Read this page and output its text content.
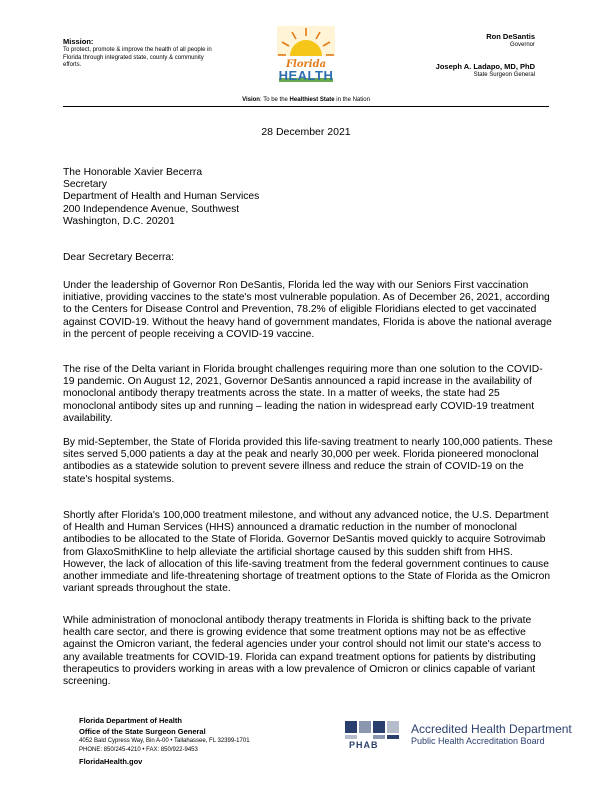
Mission:
To protect, promote & improve the health of all people in Florida through integrated state, county & community efforts.	Florida
HEALTH
Ron DeSantis
Governor
Joseph A. Ladapo, MD, PhD
State Surgeon General
Vision: To be the Healthiest State in the Nation
28 December 2021
The Honorable Xavier Becerra
Secretary
Department of Health and Human Services
200 Independence Avenue, Southwest
Washington, D.C. 20201
Dear Secretary Becerra:

Under the leadership of Governor Ron DeSantis, Florida led the way with our Seniors First vaccination initiative, providing vaccines to the state's most vulnerable population. As of December 26, 2021, according to the Centers for Disease Control and Prevention, 78.2% of eligible Floridians elected to get vaccinated against COVID-19. Without the heavy hand of government mandates, Florida is above the national average in the percent of people receiving a COVID-19 vaccine.

The rise of the Delta variant in Florida brought challenges requiring more than one solution to the COVID-19 pandemic. On August 12, 2021, Governor DeSantis announced a rapid increase in the availability of monoclonal antibody therapy treatments across the state. In a matter of weeks, the state had 25 monoclonal antibody sites up and running – leading the nation in widespread early COVID-19 treatment availability.

By mid-September, the State of Florida provided this life-saving treatment to nearly 100,000 patients. These sites served 5,000 patients a day at the peak and nearly 30,000 per week. Florida pioneered monoclonal antibodies as a statewide solution to prevent severe illness and reduce the strain of COVID-19 on the state's hospital systems.

Shortly after Florida's 100,000 treatment milestone, and without any advanced notice, the U.S. Department of Health and Human Services (HHS) announced a dramatic reduction in the number of monoclonal antibodies to be allocated to the State of Florida. Governor DeSantis moved quickly to acquire Sotrovimab from GlaxoSmithKline to help alleviate the artificial shortage caused by this sudden shift from HHS. However, the lack of allocation of this life-saving treatment from the federal government continues to cause another immediate and life-threatening shortage of treatment options to the State of Florida as the Omicron variant spreads throughout the state.

While administration of monoclonal antibody therapy treatments in Florida is shifting back to the private health care sector, and there is growing evidence that some treatment options may not be as effective against the Omicron variant, the federal agencies under your control should not limit our state's access to any available treatments for COVID-19. Florida can expand treatment options for patients by distributing therapeutics to providers working in areas with a low prevalence of Omicron or clinics capable of variant screening.

Florida Department of Health
Office of the State Surgeon General
4052 Bald Cypress Way, Bin A-00 • Tallahassee, FL 32399-1701
PHONE: 850/245-4210 • FAX: 850/922-9453
FloridaHealth.gov
PHAB
Accredited Health Department
Public Health Accreditation Board
